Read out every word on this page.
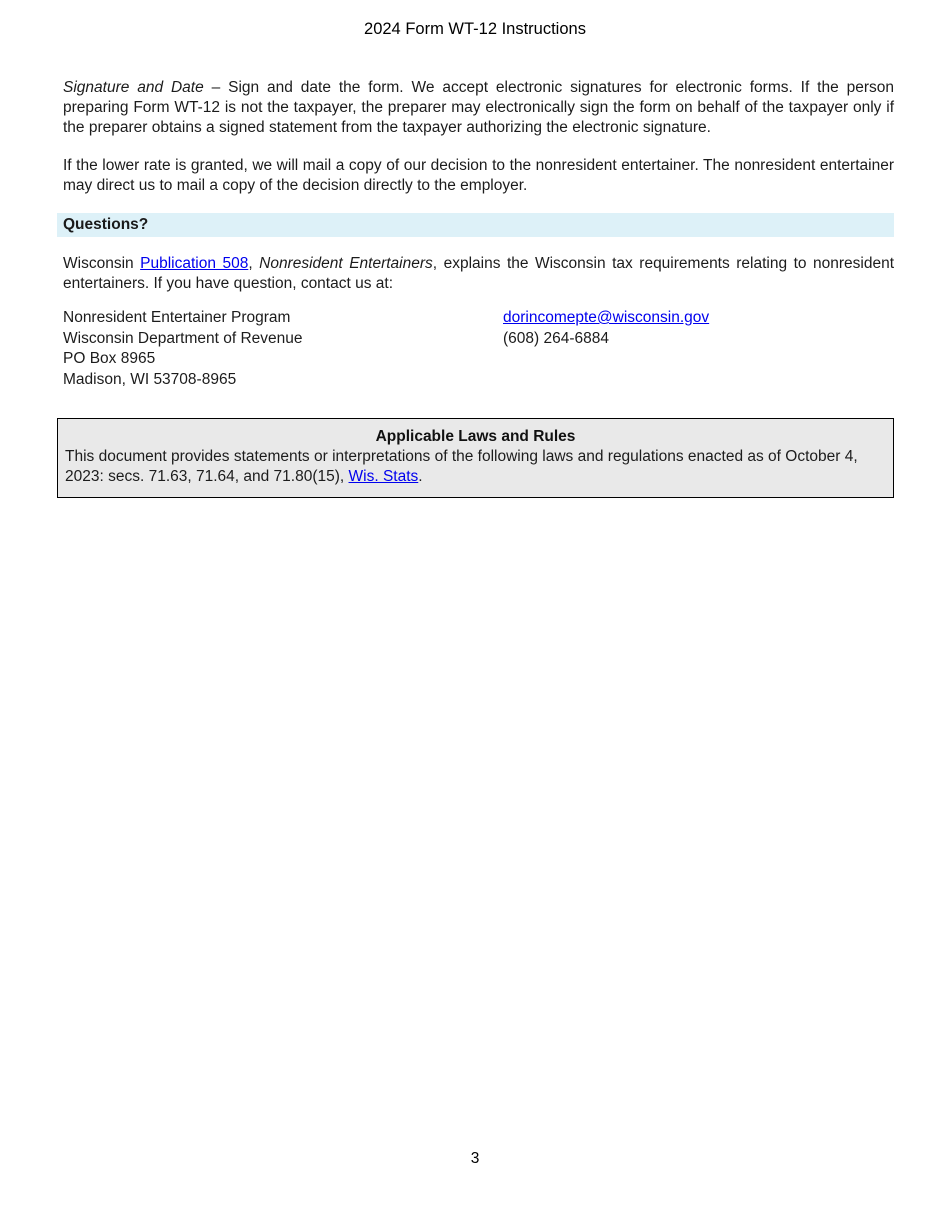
2024 Form WT-12 Instructions

Signature and Date – Sign and date the form. We accept electronic signatures for electronic forms. If the person preparing Form WT-12 is not the taxpayer, the preparer may electronically sign the form on behalf of the taxpayer only if the preparer obtains a signed statement from the taxpayer authorizing the electronic signature.

If the lower rate is granted, we will mail a copy of our decision to the nonresident entertainer. The nonresident entertainer may direct us to mail a copy of the decision directly to the employer.

Questions?

Wisconsin Publication 508, Nonresident Entertainers, explains the Wisconsin tax requirements relating to nonresident entertainers. If you have question, contact us at:

Nonresident Entertainer Program
Wisconsin Department of Revenue
PO Box 8965
Madison, WI 53708-8965
dorincomepte@wisconsin.gov
(608) 264-6884
Applicable Laws and Rules
This document provides statements or interpretations of the following laws and regulations enacted as of October 4, 2023: secs. 71.63, 71.64, and 71.80(15), Wis. Stats.
3
